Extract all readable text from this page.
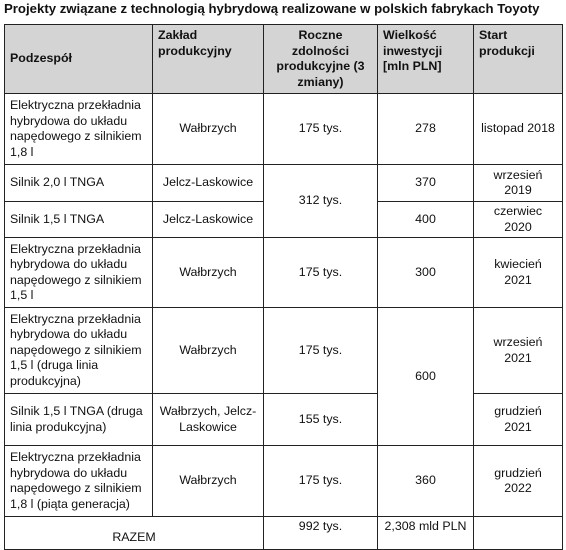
Projekty związane z technologią hybrydową realizowane w polskich fabrykach Toyoty
Podzespół	Zakład produkcyjny	Roczne zdolności produkcyjne (3 zmiany)	Wielkość inwestycji [mln PLN]	Start produkcji
Elektryczna przekładnia hybrydowa do układu napędowego z silnikiem 1,8 l	Wałbrzych	175 tys.	278	listopad 2018
Silnik 2,0 l TNGA	Jelcz-Laskowice	312 tys.	370	wrzesień 2019
Silnik 1,5 l TNGA	Jelcz-Laskowice		400	czerwiec 2020
Elektryczna przekładnia hybrydowa do układu napędowego z silnikiem 1,5 l	Wałbrzych	175 tys.	300	kwiecień 2021
Elektryczna przekładnia hybrydowa do układu napędowego z silnikiem 1,5 l (druga linia produkcyjna)	Wałbrzych	175 tys.	600	wrzesień 2021
Silnik 1,5 l TNGA (druga linia produkcyjna)	Wałbrzych, Jelcz-Laskowice	155 tys.		grudzień 2021
Elektryczna przekładnia hybrydowa do układu napędowego z silnikiem 1,8 l (piąta generacja)	Wałbrzych	175 tys.	360	grudzień 2022
RAZEM		992 tys.	2,308 mld PLN	
